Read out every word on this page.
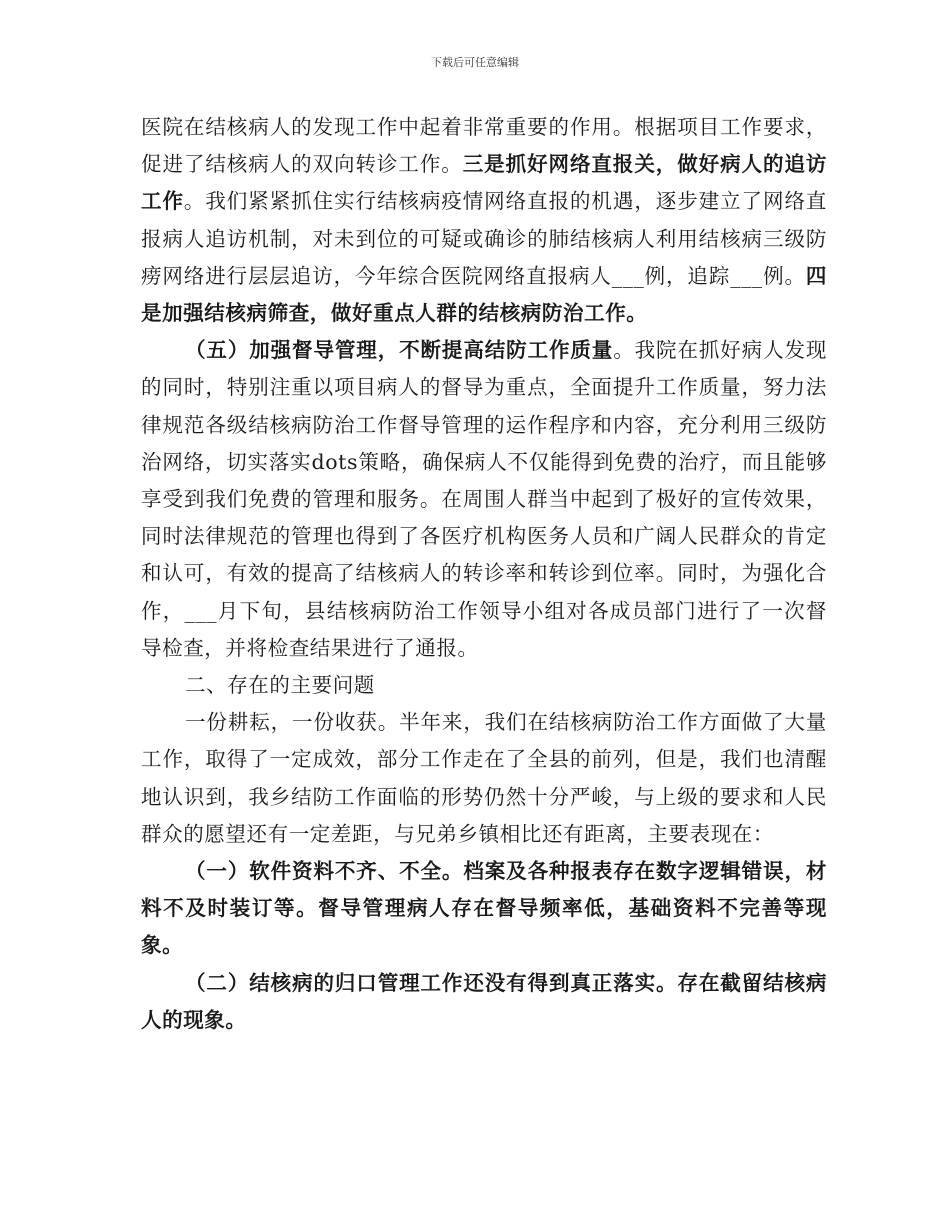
下载后可任意编辑

医院在结核病人的发现工作中起着非常重要的作用。根据项目工作要求，促进了结核病人的双向转诊工作。三是抓好网络直报关，做好病人的追访工作。我们紧紧抓住实行结核病疫情网络直报的机遇，逐步建立了网络直报病人追访机制，对未到位的可疑或确诊的肺结核病人利用结核病三级防痨网络进行层层追访，今年综合医院网络直报病人___例，追踪___例。四是加强结核病筛查，做好重点人群的结核病防治工作。

（五）加强督导管理，不断提高结防工作质量。我院在抓好病人发现的同时，特别注重以项目病人的督导为重点，全面提升工作质量，努力法律规范各级结核病防治工作督导管理的运作程序和内容，充分利用三级防治网络，切实落实dots策略，确保病人不仅能得到免费的治疗，而且能够享受到我们免费的管理和服务。在周围人群当中起到了极好的宣传效果，同时法律规范的管理也得到了各医疗机构医务人员和广阔人民群众的肯定和认可，有效的提高了结核病人的转诊率和转诊到位率。同时，为强化合作，___月下旬，县结核病防治工作领导小组对各成员部门进行了一次督导检查，并将检查结果进行了通报。

二、存在的主要问题

一份耕耘，一份收获。半年来，我们在结核病防治工作方面做了大量工作，取得了一定成效，部分工作走在了全县的前列，但是，我们也清醒地认识到，我乡结防工作面临的形势仍然十分严峻，与上级的要求和人民群众的愿望还有一定差距，与兄弟乡镇相比还有距离，主要表现在：

（一）软件资料不齐、不全。档案及各种报表存在数字逻辑错误，材料不及时装订等。督导管理病人存在督导频率低，基础资料不完善等现象。

（二）结核病的归口管理工作还没有得到真正落实。存在截留结核病人的现象。
